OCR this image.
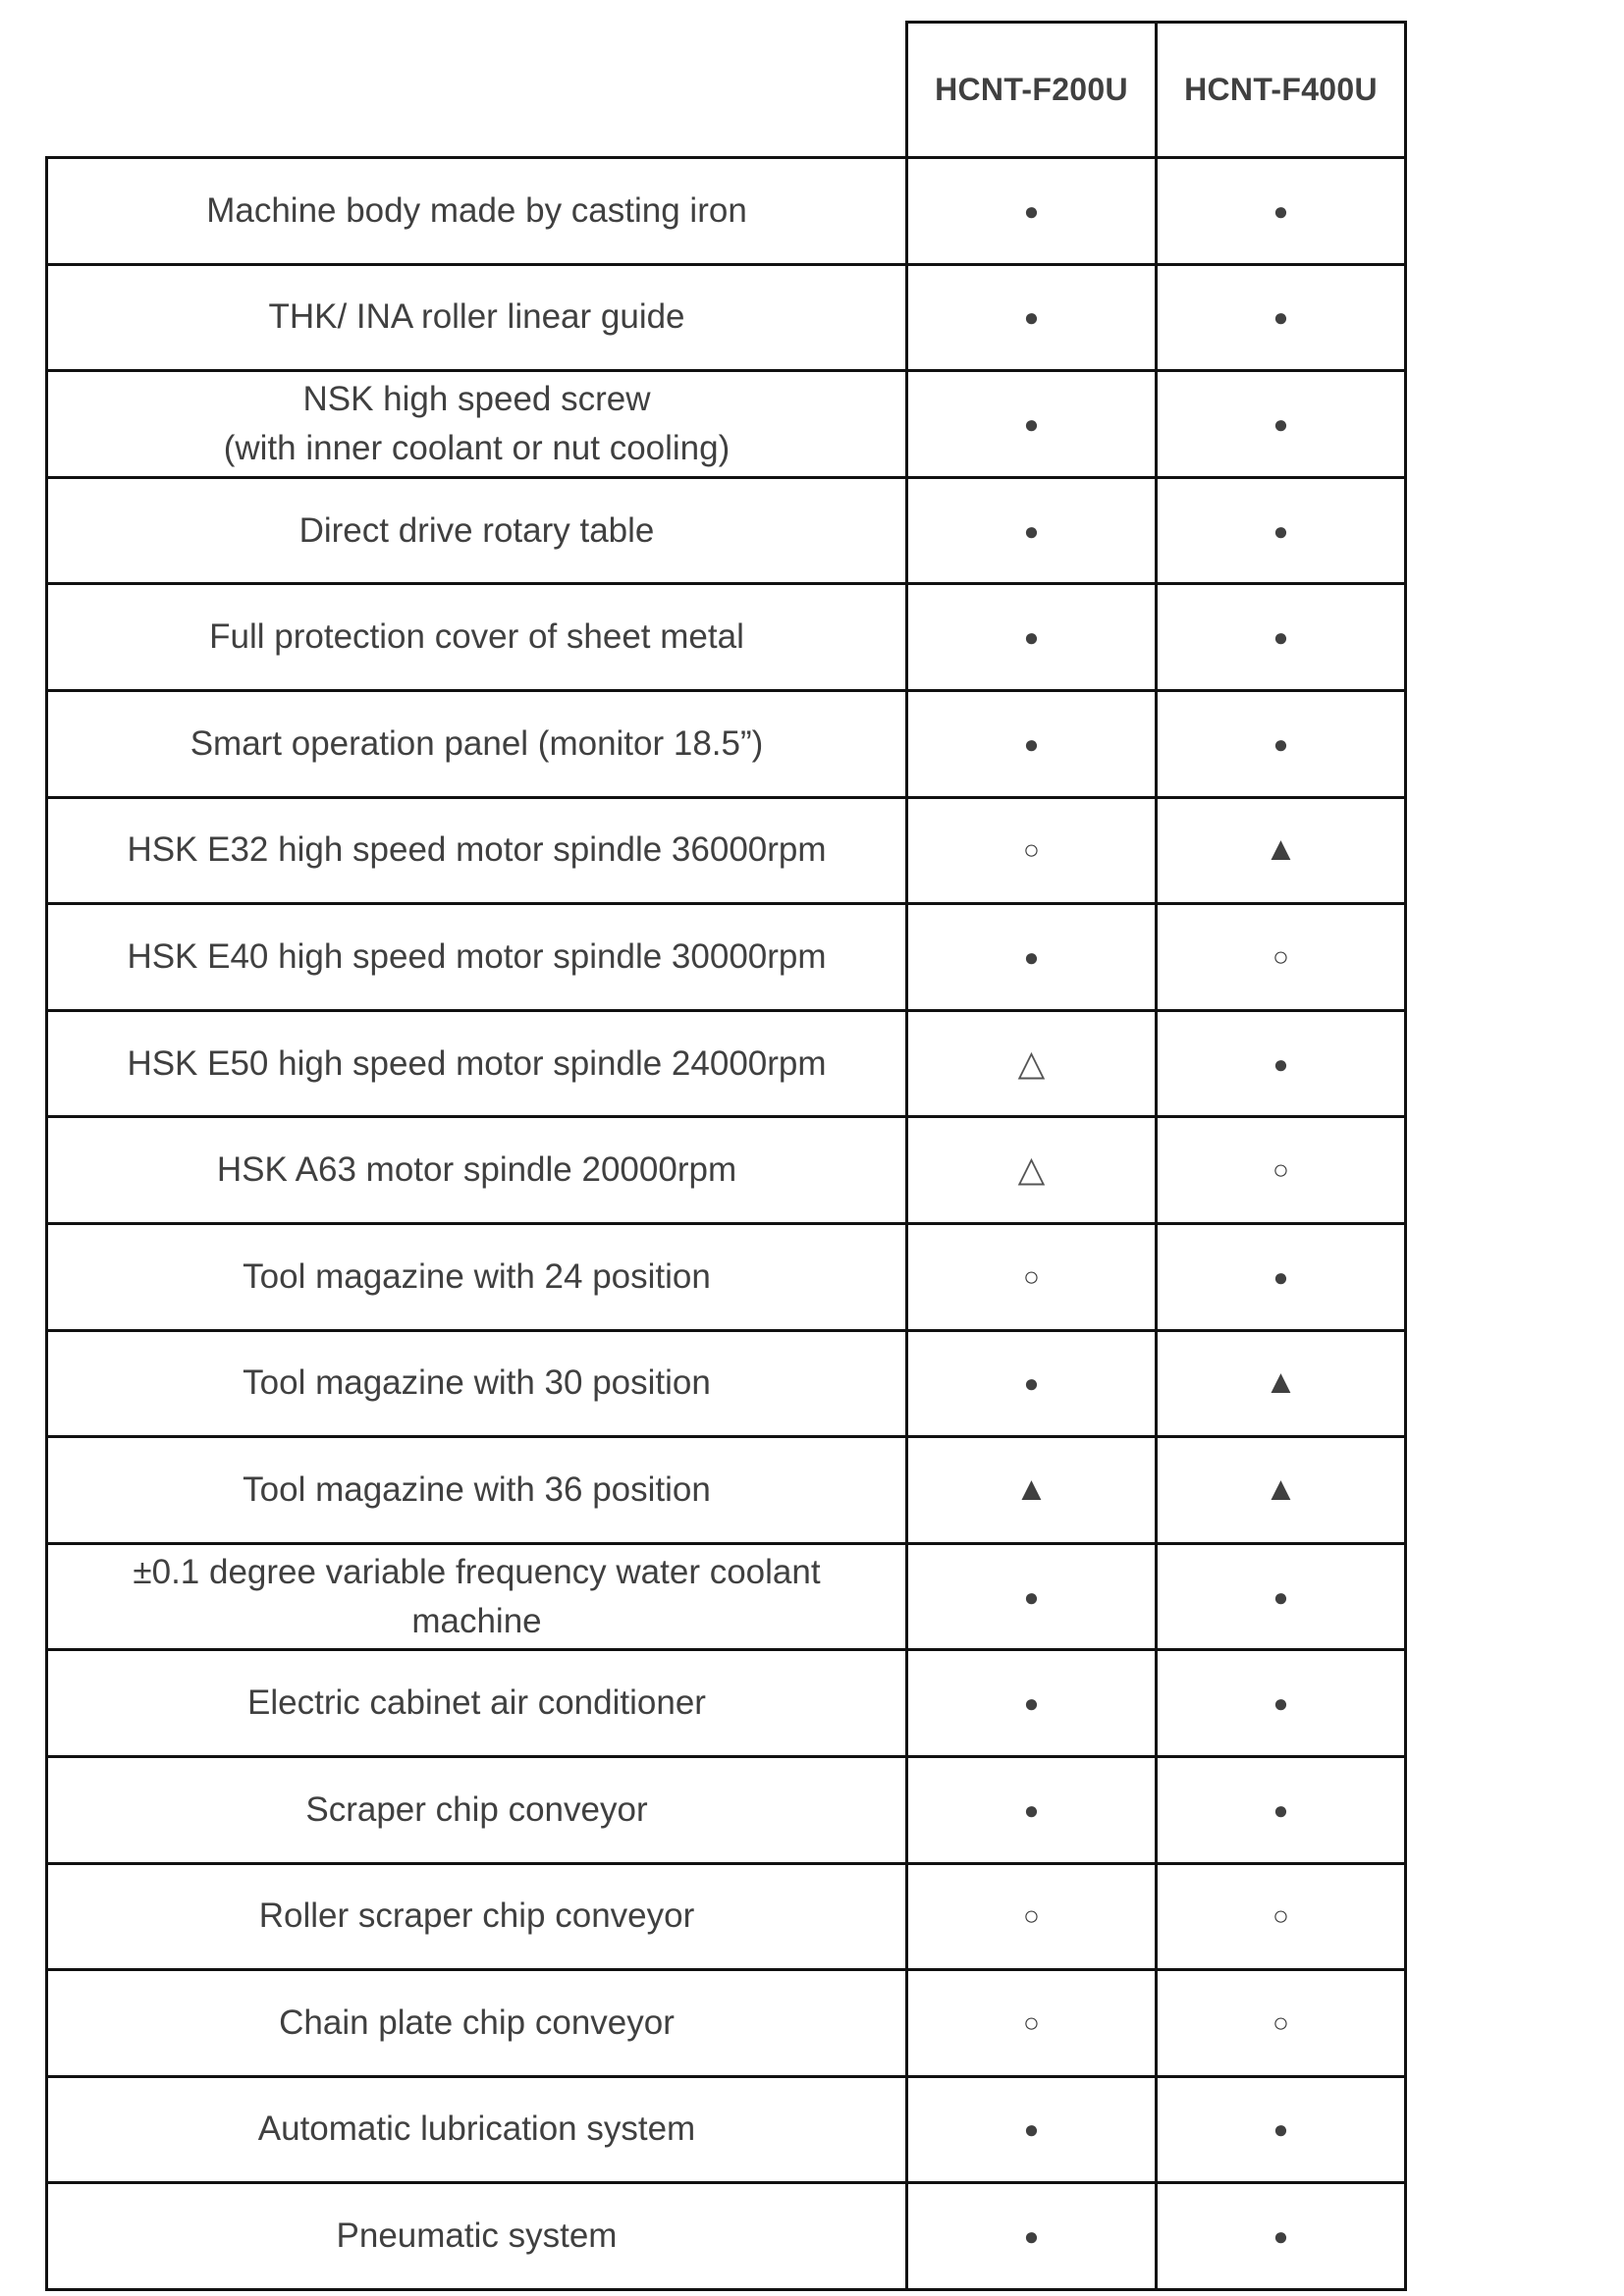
	HCNT-F200U	HCNT-F400U
Machine body made by casting iron	●	●
THK/ INA roller linear guide	●	●
NSK high speed screw
(with inner coolant or nut cooling)	●	●
Direct drive rotary table	●	●
Full protection cover of sheet metal	●	●
Smart operation panel (monitor 18.5”)	●	●
HSK E32 high speed motor spindle 36000rpm	○	▲
HSK E40 high speed motor spindle 30000rpm	●	○
HSK E50 high speed motor spindle 24000rpm	△	●
HSK A63 motor spindle 20000rpm	△	○
Tool magazine with 24 position	○	●
Tool magazine with 30 position	●	▲
Tool magazine with 36 position	▲	▲
±0.1 degree variable frequency water coolant
machine	●	●
Electric cabinet air conditioner	●	●
Scraper chip conveyor	●	●
Roller scraper chip conveyor	○	○
Chain plate chip conveyor	○	○
Automatic lubrication system	●	●
Pneumatic system	●	●
